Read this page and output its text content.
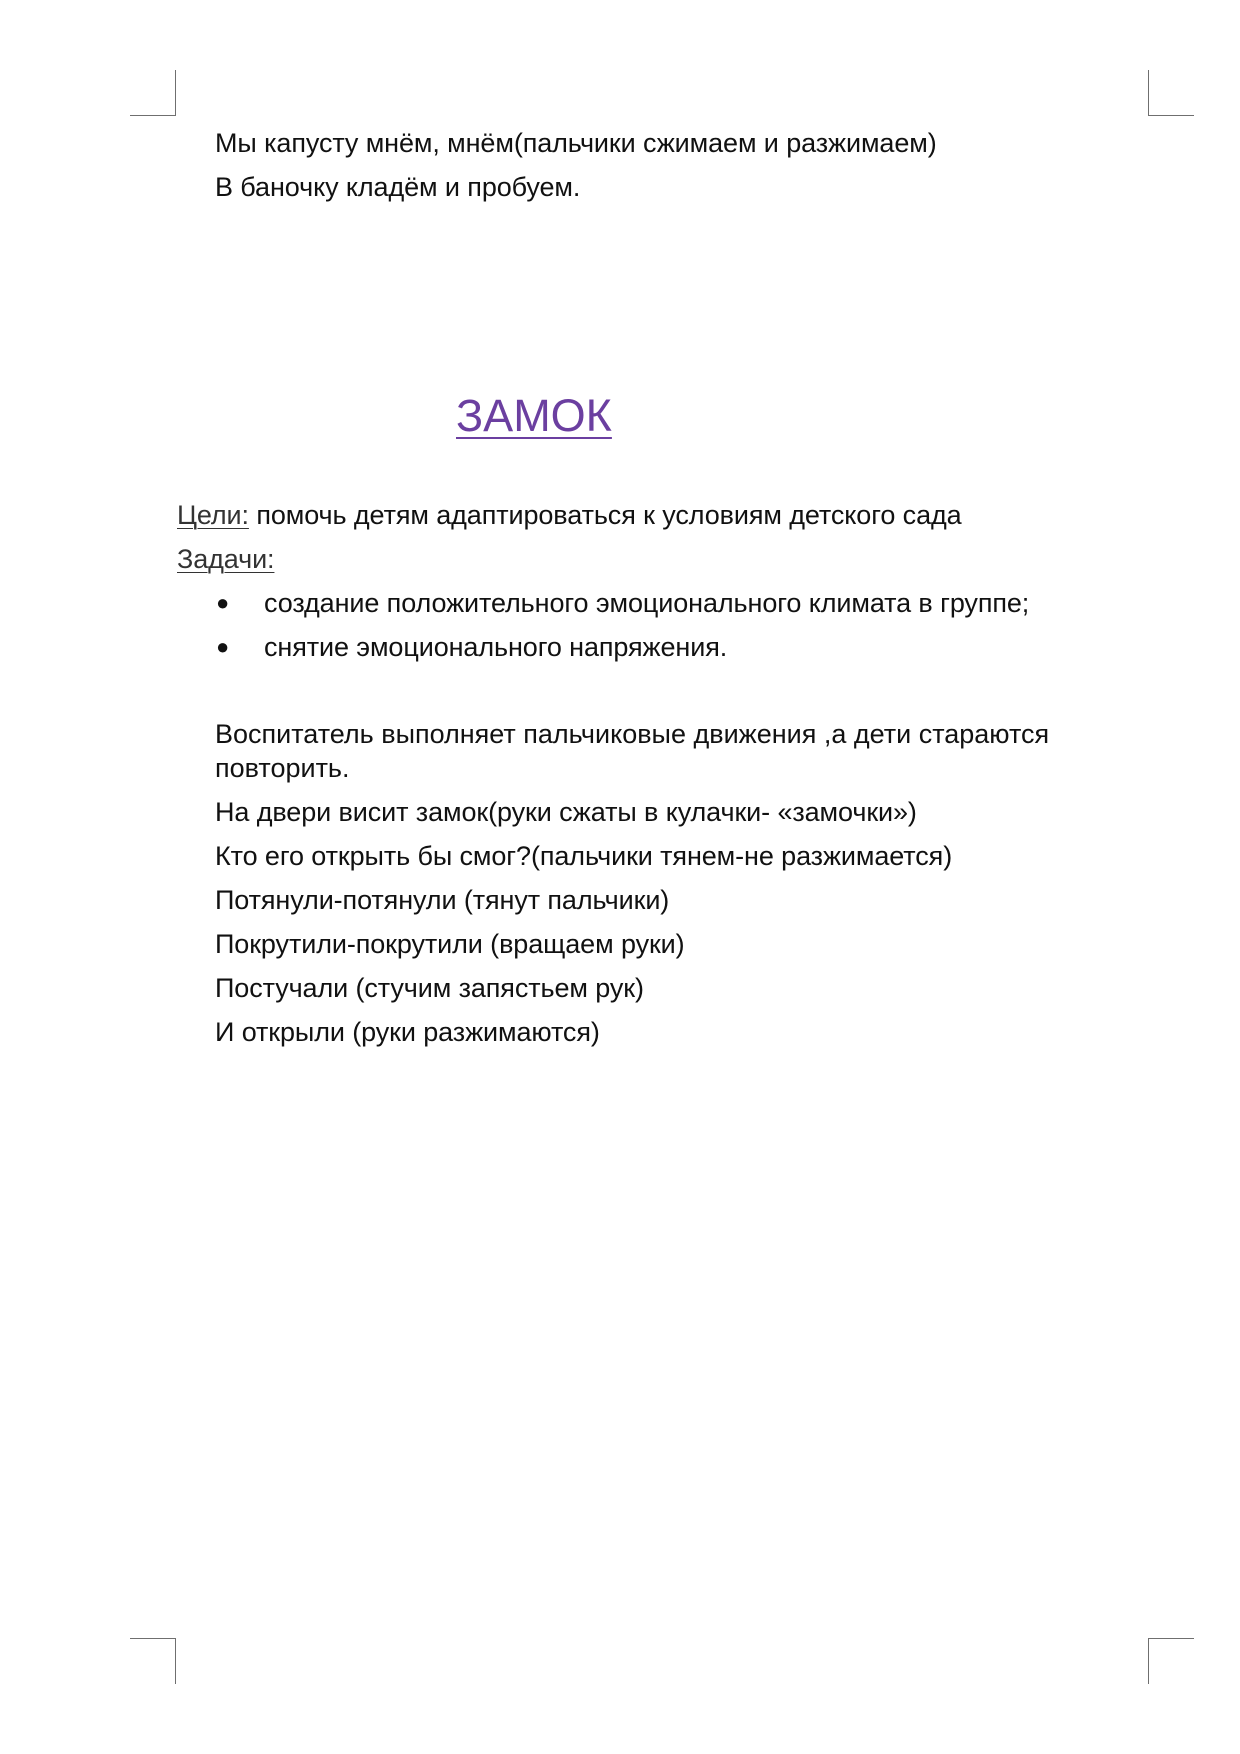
Мы капусту мнём, мнём(пальчики сжимаем и разжимаем)
В баночку кладём и пробуем.
ЗАМОК
Цели: помочь детям адаптироваться к условиям детского сада
Задачи:
● создание положительного эмоционального климата в группе;
● снятие эмоционального напряжения.
Воспитатель выполняет пальчиковые движения ,а дети стараются повторить.
На двери висит замок(руки сжаты в кулачки- «замочки»)
Кто его открыть бы смог?(пальчики тянем-не разжимается)
Потянули-потянули (тянут пальчики)
Покрутили-покрутили (вращаем руки)
Постучали (стучим запястьем рук)
И открыли (руки разжимаются)
